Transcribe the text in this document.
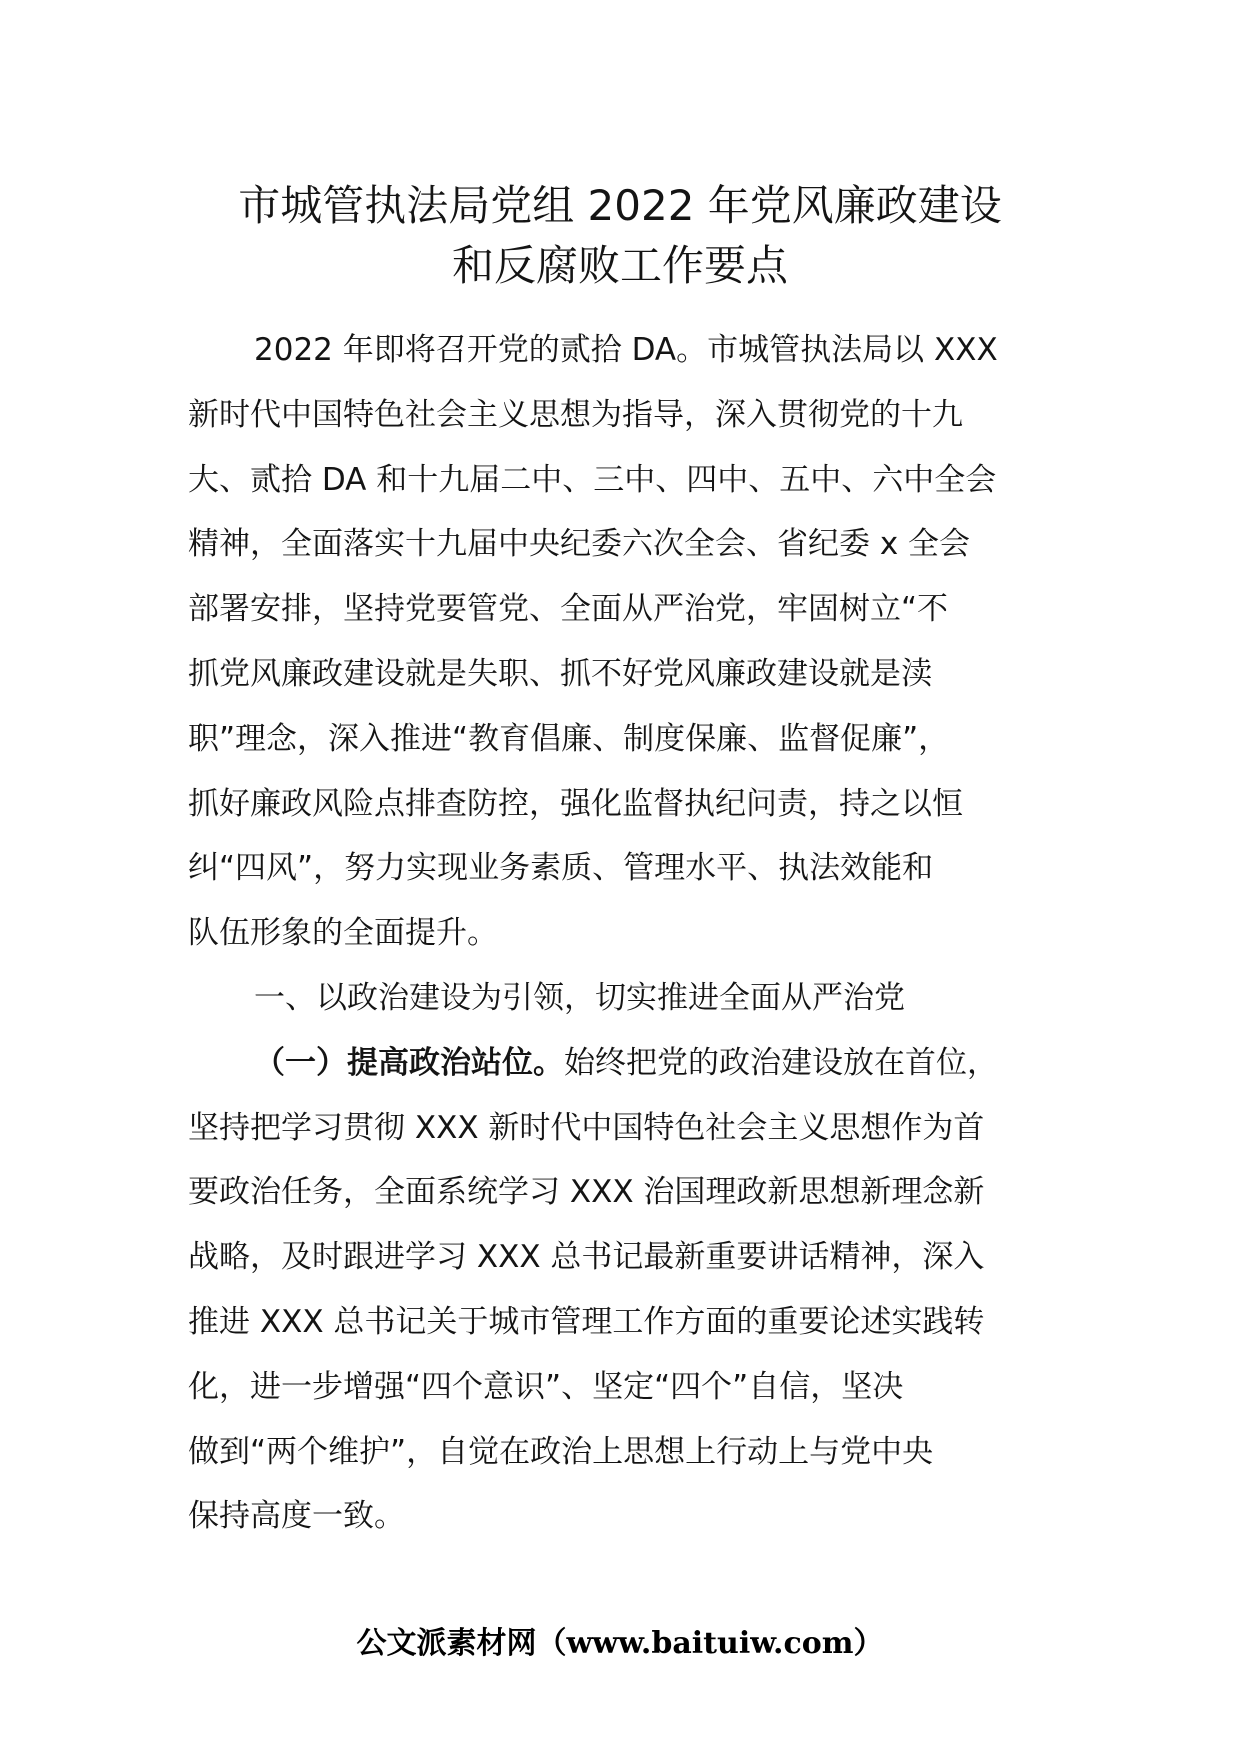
市城管执法局党组 2022 年党风廉政建设
和反腐败工作要点
2022 年即将召开党的贰拾 DA。市城管执法局以 XXX
新时代中国特色社会主义思想为指导，深入贯彻党的十九
大、贰拾 DA 和十九届二中、三中、四中、五中、六中全会
精神，全面落实十九届中央纪委六次全会、省纪委 x 全会
部署安排，坚持党要管党、全面从严治党，牢固树立“不
抓党风廉政建设就是失职、抓不好党风廉政建设就是渎
职”理念，深入推进“教育倡廉、制度保廉、监督促廉”，
抓好廉政风险点排查防控，强化监督执纪问责，持之以恒
纠“四风”，努力实现业务素质、管理水平、执法效能和
队伍形象的全面提升。
一、以政治建设为引领，切实推进全面从严治党
（一）提高政治站位。始终把党的政治建设放在首位，
坚持把学习贯彻 XXX 新时代中国特色社会主义思想作为首
要政治任务，全面系统学习 XXX 治国理政新思想新理念新
战略，及时跟进学习 XXX 总书记最新重要讲话精神，深入
推进 XXX 总书记关于城市管理工作方面的重要论述实践转
化，进一步增强“四个意识”、坚定“四个”自信，坚决
做到“两个维护”，自觉在政治上思想上行动上与党中央
保持高度一致。
公文派素材网（www.baituiw.com）
